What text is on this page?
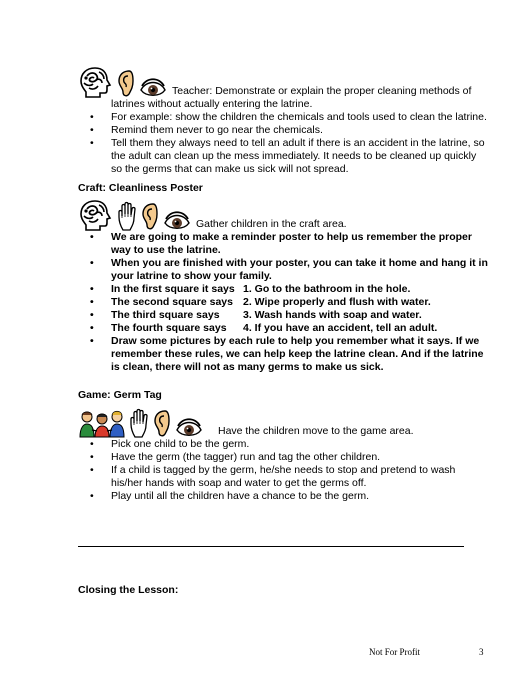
Teacher: Demonstrate or explain the proper cleaning methods of
latrines without actually entering the latrine.
• For example: show the children the chemicals and tools used to clean the latrine.
• Remind them never to go near the chemicals.
• Tell them they always need to tell an adult if there is an accident in the latrine, so the adult can clean up the mess immediately. It needs to be cleaned up quickly so the germs that can make us sick will not spread.
Craft: Cleanliness Poster
Gather children in the craft area.
• We are going to make a reminder poster to help us remember the proper way to use the latrine.
• When you are finished with your poster, you can take it home and hang it in your latrine to show your family.
• In the first square it says 1. Go to the bathroom in the hole.
• The second square says 2. Wipe properly and flush with water.
• The third square says 3. Wash hands with soap and water.
• The fourth square says 4. If you have an accident, tell an adult.
• Draw some pictures by each rule to help you remember what it says. If we remember these rules, we can help keep the latrine clean. And if the latrine is clean, there will not as many germs to make us sick.
Game: Germ Tag
Have the children move to the game area.
• Pick one child to be the germ.
• Have the germ (the tagger) run and tag the other children.
• If a child is tagged by the germ, he/she needs to stop and pretend to wash his/her hands with soap and water to get the germs off.
• Play until all the children have a chance to be the germ.
Closing the Lesson:
Not For Profit	3
